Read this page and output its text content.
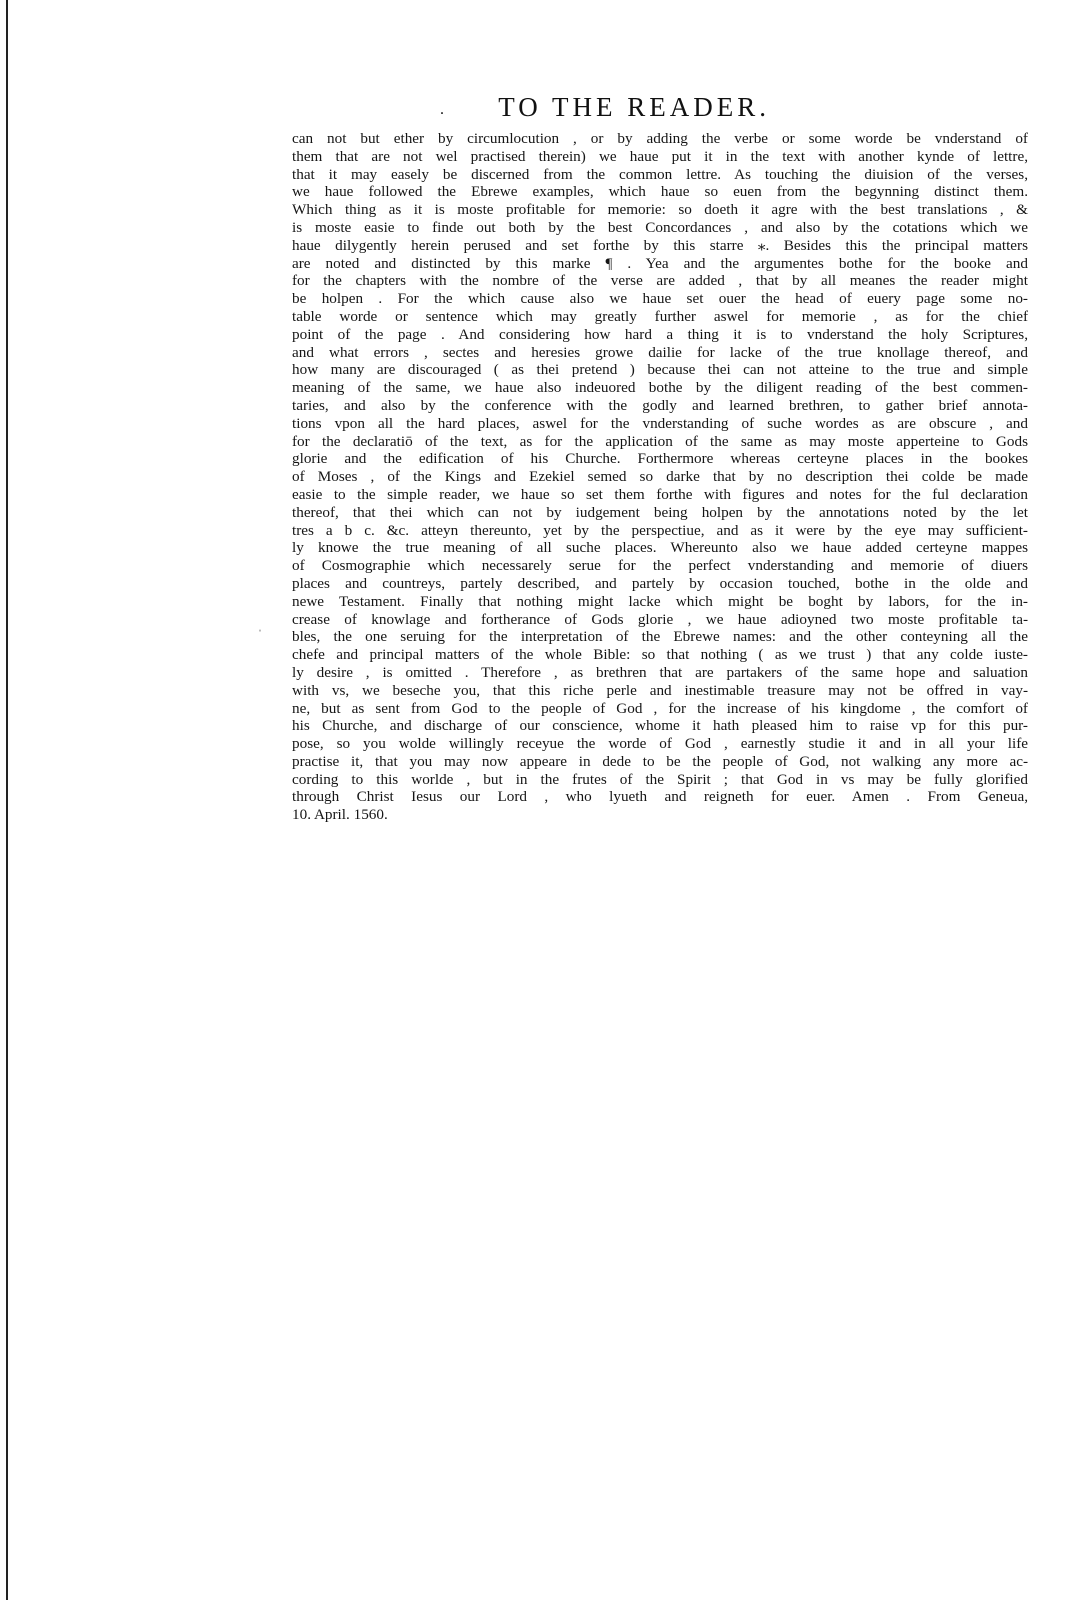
. TO THE READER.
ˌ
can not but ether by circumlocution , or by adding the verbe or some worde be vnderstand of
them that are not wel practised therein) we haue put it in the text with another kynde of lettre,
that it may easely be discerned from the common lettre. As touching the diuision of the verses,
we haue followed the Ebrewe examples, which haue so euen from the begynning distinct them.
Which thing as it is moste profitable for memorie: so doeth it agre with the best translations , &
is moste easie to finde out both by the best Concordances , and also by the cotations which we
haue dilygently herein perused and set forthe by this starre ⁎. Besides this the principal matters
are noted and distincted by this marke ¶ . Yea and the argumentes bothe for the booke and
for the chapters with the nombre of the verse are added , that by all meanes the reader might
be holpen . For the which cause also we haue set ouer the head of euery page some no-
table worde or sentence which may greatly further aswel for memorie , as for the chief
point of the page . And considering how hard a thing it is to vnderstand the holy Scriptures,
and what errors , sectes and heresies growe dailie for lacke of the true knollage thereof, and
how many are discouraged ( as thei pretend ) because thei can not atteine to the true and simple
meaning of the same, we haue also indeuored bothe by the diligent reading of the best commen-
taries, and also by the conference with the godly and learned brethren, to gather brief annota-
tions vpon all the hard places, aswel for the vnderstanding of suche wordes as are obscure , and
for the declaratiō of the text, as for the application of the same as may moste apperteine to Gods
glorie and the edification of his Churche. Forthermore whereas certeyne places in the bookes
of Moses , of the Kings and Ezekiel semed so darke that by no description thei colde be made
easie to the simple reader, we haue so set them forthe with figures and notes for the ful declaration
thereof, that thei which can not by iudgement being holpen by the annotations noted by the let
tres a b c. &c. atteyn thereunto, yet by the perspectiue, and as it were by the eye may sufficient-
ly knowe the true meaning of all suche places. Whereunto also we haue added certeyne mappes
of Cosmographie which necessarely serue for the perfect vnderstanding and memorie of diuers
places and countreys, partely described, and partely by occasion touched, bothe in the olde and
newe Testament. Finally that nothing might lacke which might be boght by labors, for the in-
crease of knowlage and fortherance of Gods glorie , we haue adioyned two moste profitable ta-
bles, the one seruing for the interpretation of the Ebrewe names: and the other conteyning all the
chefe and principal matters of the whole Bible: so that nothing ( as we trust ) that any colde iuste-
ly desire , is omitted . Therefore , as brethren that are partakers of the same hope and saluation
with vs, we beseche you, that this riche perle and inestimable treasure may not be offred in vay-
ne, but as sent from God to the people of God , for the increase of his kingdome , the comfort of
his Churche, and discharge of our conscience, whome it hath pleased him to raise vp for this pur-
pose, so you wolde willingly receyue the worde of God , earnestly studie it and in all your life
practise it, that you may now appeare in dede to be the people of God, not walking any more ac-
cording to this worlde , but in the frutes of the Spirit ; that God in vs may be fully glorified
through Christ Iesus our Lord , who lyueth and reigneth for euer. Amen . From Geneua,
10. April. 1560.
